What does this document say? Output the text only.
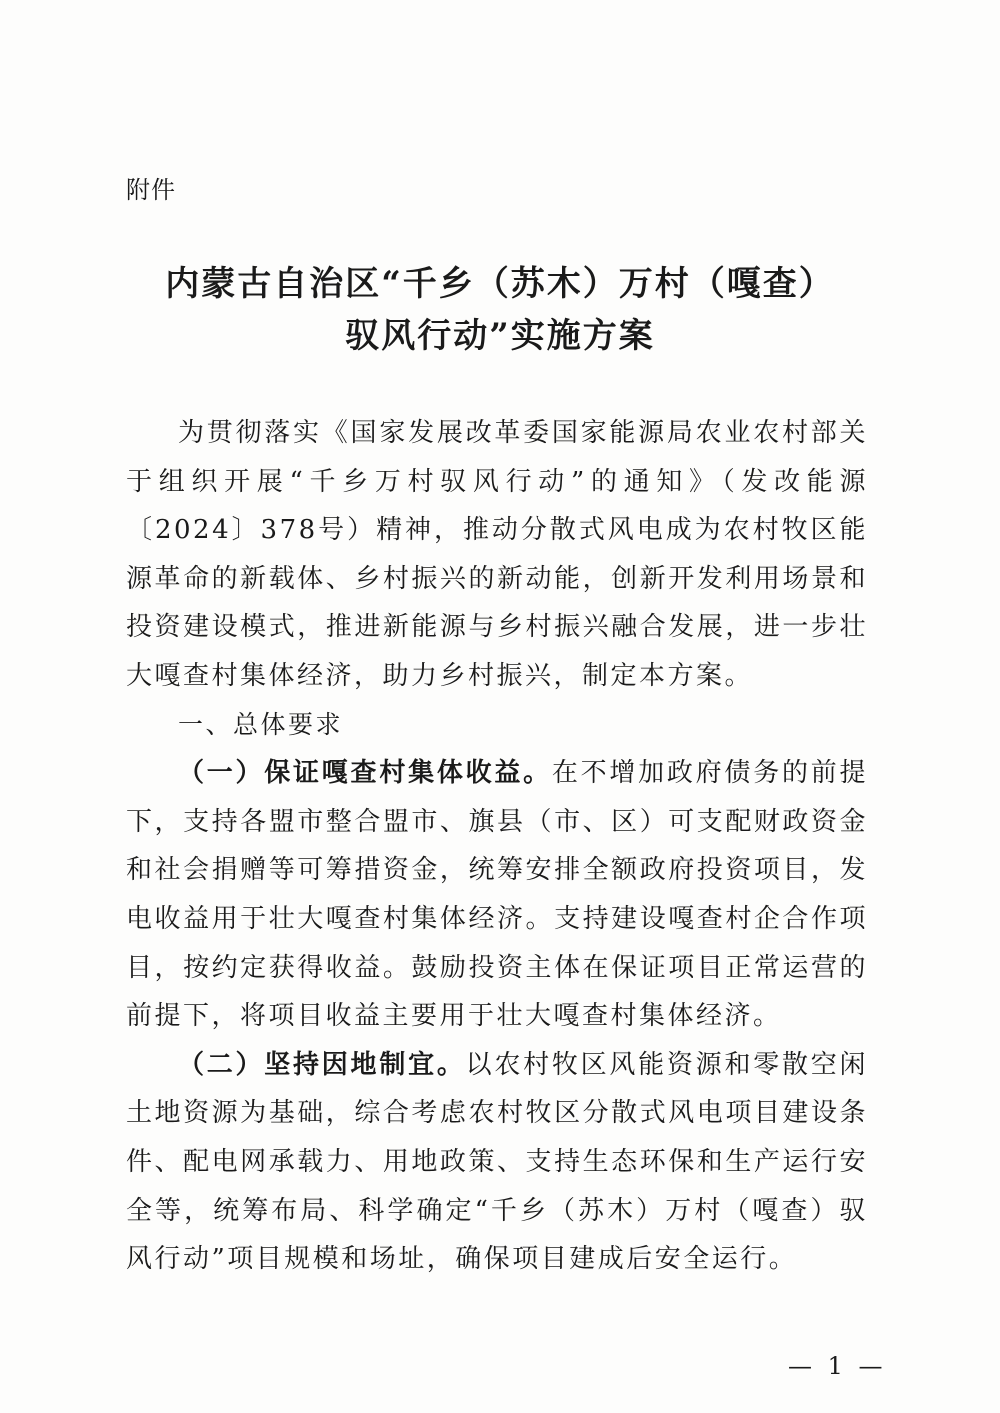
附件
内蒙古自治区“千乡（苏木）万村（嘎查）
驭风行动”实施方案

为贯彻落实《国家发展改革委国家能源局农业农村部关于组织开展“千乡万村驭风行动”的通知》（发改能源〔2024〕378号）精神，推动分散式风电成为农村牧区能源革命的新载体、乡村振兴的新动能，创新开发利用场景和投资建设模式，推进新能源与乡村振兴融合发展，进一步壮大嘎查村集体经济，助力乡村振兴，制定本方案。

一、总体要求

（一）保证嘎查村集体收益。在不增加政府债务的前提下，支持各盟市整合盟市、旗县（市、区）可支配财政资金和社会捐赠等可筹措资金，统筹安排全额政府投资项目，发电收益用于壮大嘎查村集体经济。支持建设嘎查村企合作项目，按约定获得收益。鼓励投资主体在保证项目正常运营的前提下，将项目收益主要用于壮大嘎查村集体经济。

（二）坚持因地制宜。以农村牧区风能资源和零散空闲土地资源为基础，综合考虑农村牧区分散式风电项目建设条件、配电网承载力、用地政策、支持生态环保和生产运行安全等，统筹布局、科学确定“千乡（苏木）万村（嘎查）驭风行动”项目规模和场址，确保项目建成后安全运行。

— 1 —
